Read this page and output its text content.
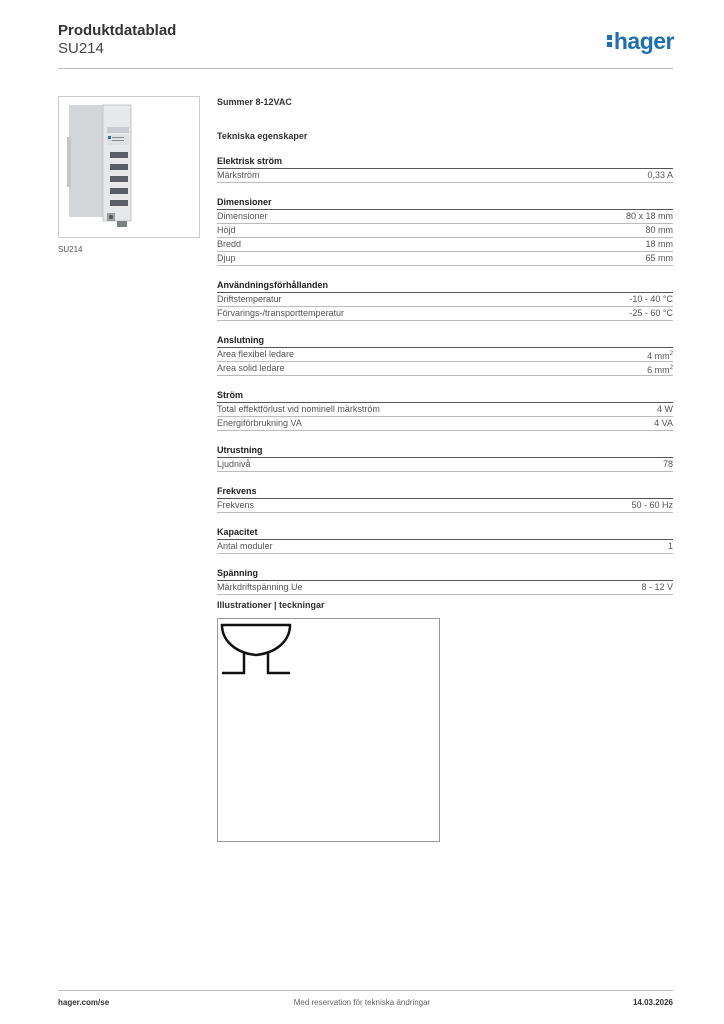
Produktdatablad
SU214	hager
SU214
Summer 8-12VAC
Tekniska egenskaper
Elektrisk ström
Märkström	0,33 A
Dimensioner
Dimensioner	80 x 18 mm
Höjd	80 mm
Bredd	18 mm
Djup	65 mm
Användningsförhållanden
Driftstemperatur	-10 - 40 °C
Förvarings-/transporttemperatur	-25 - 60 °C
Anslutning
Area flexibel ledare	4 $mm^2$
Area solid ledare	6 $mm^2$
Ström
Total effektförlust vid nominell märkström	4 W
Energiförbrukning VA	4 VA
Utrustning
Ljudnivå	78
Frekvens
Frekvens	50 - 60 Hz
Kapacitet
Antal moduler	1
Spänning
Märkdriftspänning Ue	8 - 12 V
Illustrationer | teckningar
hager.com/se	Med reservation för tekniska ändringar	14.03.2026
